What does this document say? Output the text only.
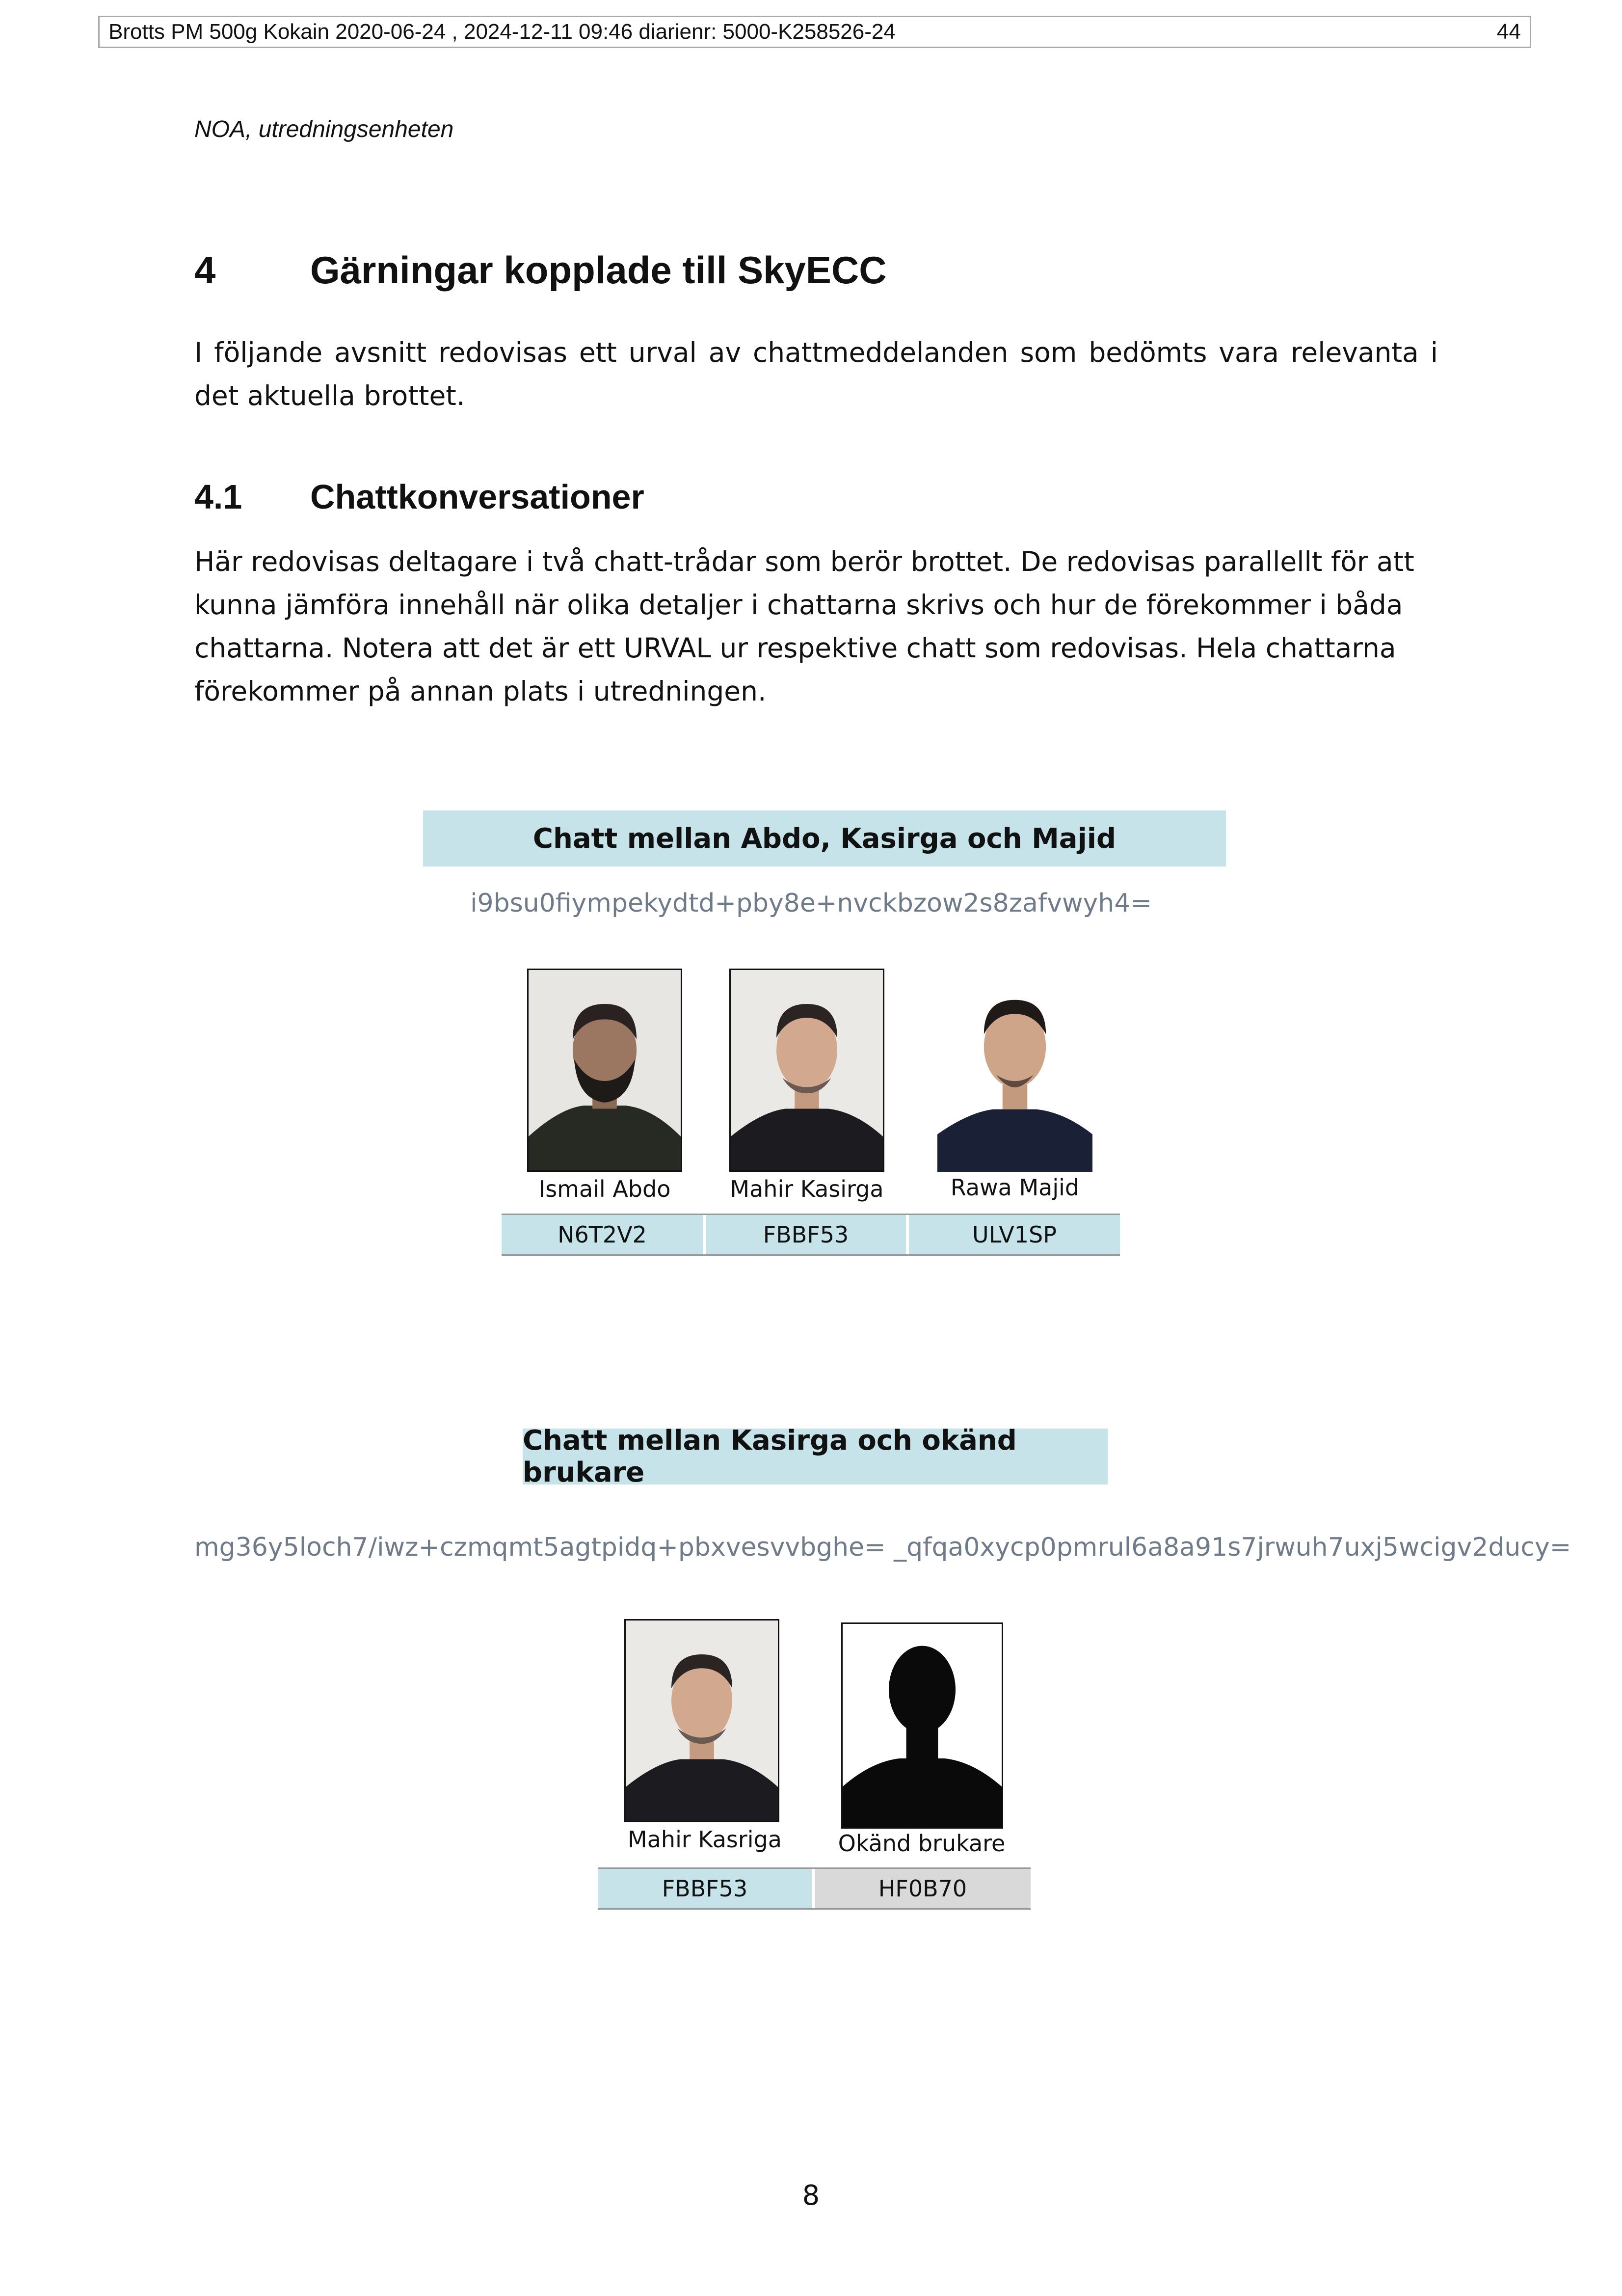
Brotts PM 500g Kokain 2020-06-24 , 2024-12-11 09:46 diarienr: 5000-K258526-24	44
NOA, utredningsenheten
4 Gärningar kopplade till SkyECC

I följande avsnitt redovisas ett urval av chattmeddelanden som bedömts vara relevanta i det aktuella brottet.

4.1 Chattkonversationer

Här redovisas deltagare i två chatt-trådar som berör brottet. De redovisas parallellt för att kunna jämföra innehåll när olika detaljer i chattarna skrivs och hur de förekommer i båda chattarna. Notera att det är ett URVAL ur respektive chatt som redovisas. Hela chattarna förekommer på annan plats i utredningen.

Chatt mellan Abdo, Kasirga och Majid
i9bsu0fiympekydtd+pby8e+nvckbzow2s8zafvwyh4=
Ismail Abdo	Mahir Kasirga	Rawa Majid
N6T2V2	FBBF53	ULV1SP
Chatt mellan Kasirga och okänd brukare
mg36y5loch7/iwz+czmqmt5agtpidq+pbxvesvvbghe= _qfqa0xycp0pmrul6a8a91s7jrwuh7uxj5wcigv2ducy=
Mahir Kasriga	Okänd brukare
FBBF53	HF0B70
8
